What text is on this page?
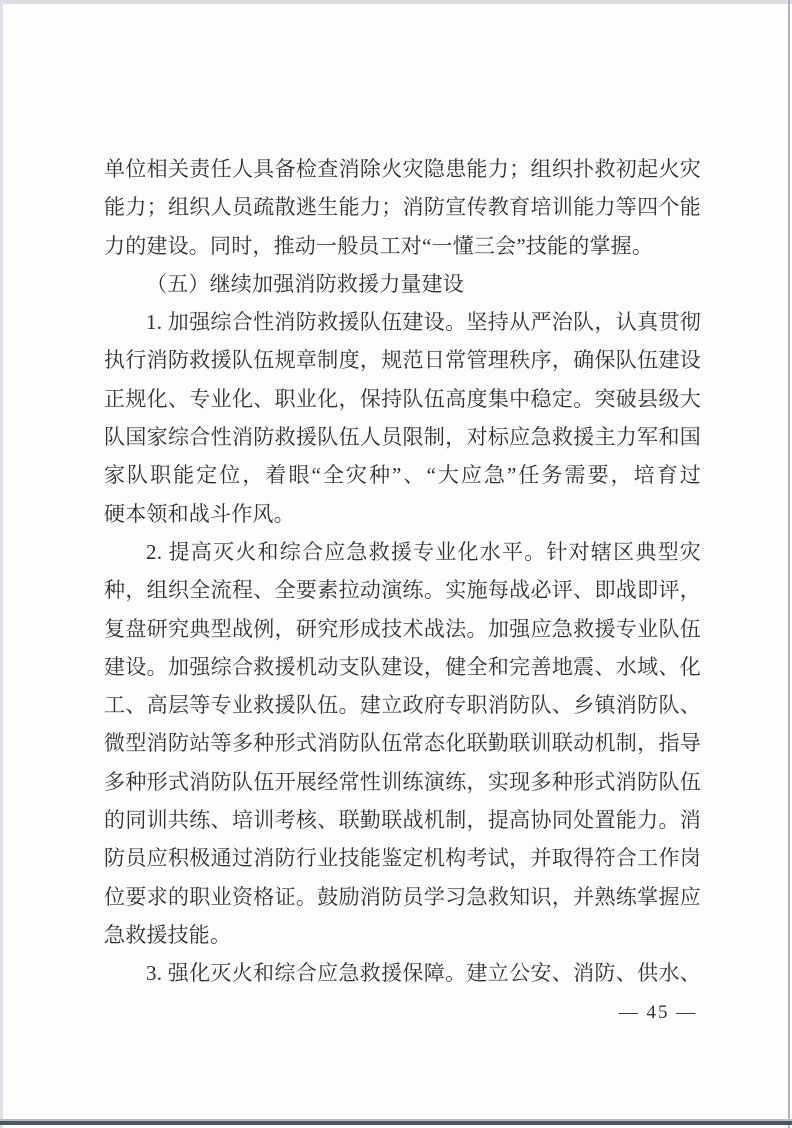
单位相关责任人具备检查消除火灾隐患能力；组织扑救初起火灾
能力；组织人员疏散逃生能力；消防宣传教育培训能力等四个能
力的建设。同时，推动一般员工对“一懂三会”技能的掌握。
（五）继续加强消防救援力量建设
1. 加强综合性消防救援队伍建设。坚持从严治队，认真贯彻
执行消防救援队伍规章制度，规范日常管理秩序，确保队伍建设
正规化、专业化、职业化，保持队伍高度集中稳定。突破县级大
队国家综合性消防救援队伍人员限制，对标应急救援主力军和国
家队职能定位，着眼“全灾种”、“大应急”任务需要，培育过
硬本领和战斗作风。
2. 提高灭火和综合应急救援专业化水平。针对辖区典型灾
种，组织全流程、全要素拉动演练。实施每战必评、即战即评，
复盘研究典型战例，研究形成技术战法。加强应急救援专业队伍
建设。加强综合救援机动支队建设，健全和完善地震、水域、化
工、高层等专业救援队伍。建立政府专职消防队、乡镇消防队、
微型消防站等多种形式消防队伍常态化联勤联训联动机制，指导
多种形式消防队伍开展经常性训练演练，实现多种形式消防队伍
的同训共练、培训考核、联勤联战机制，提高协同处置能力。消
防员应积极通过消防行业技能鉴定机构考试，并取得符合工作岗
位要求的职业资格证。鼓励消防员学习急救知识，并熟练掌握应
急救援技能。
3. 强化灭火和综合应急救援保障。建立公安、消防、供水、
— 45 —
